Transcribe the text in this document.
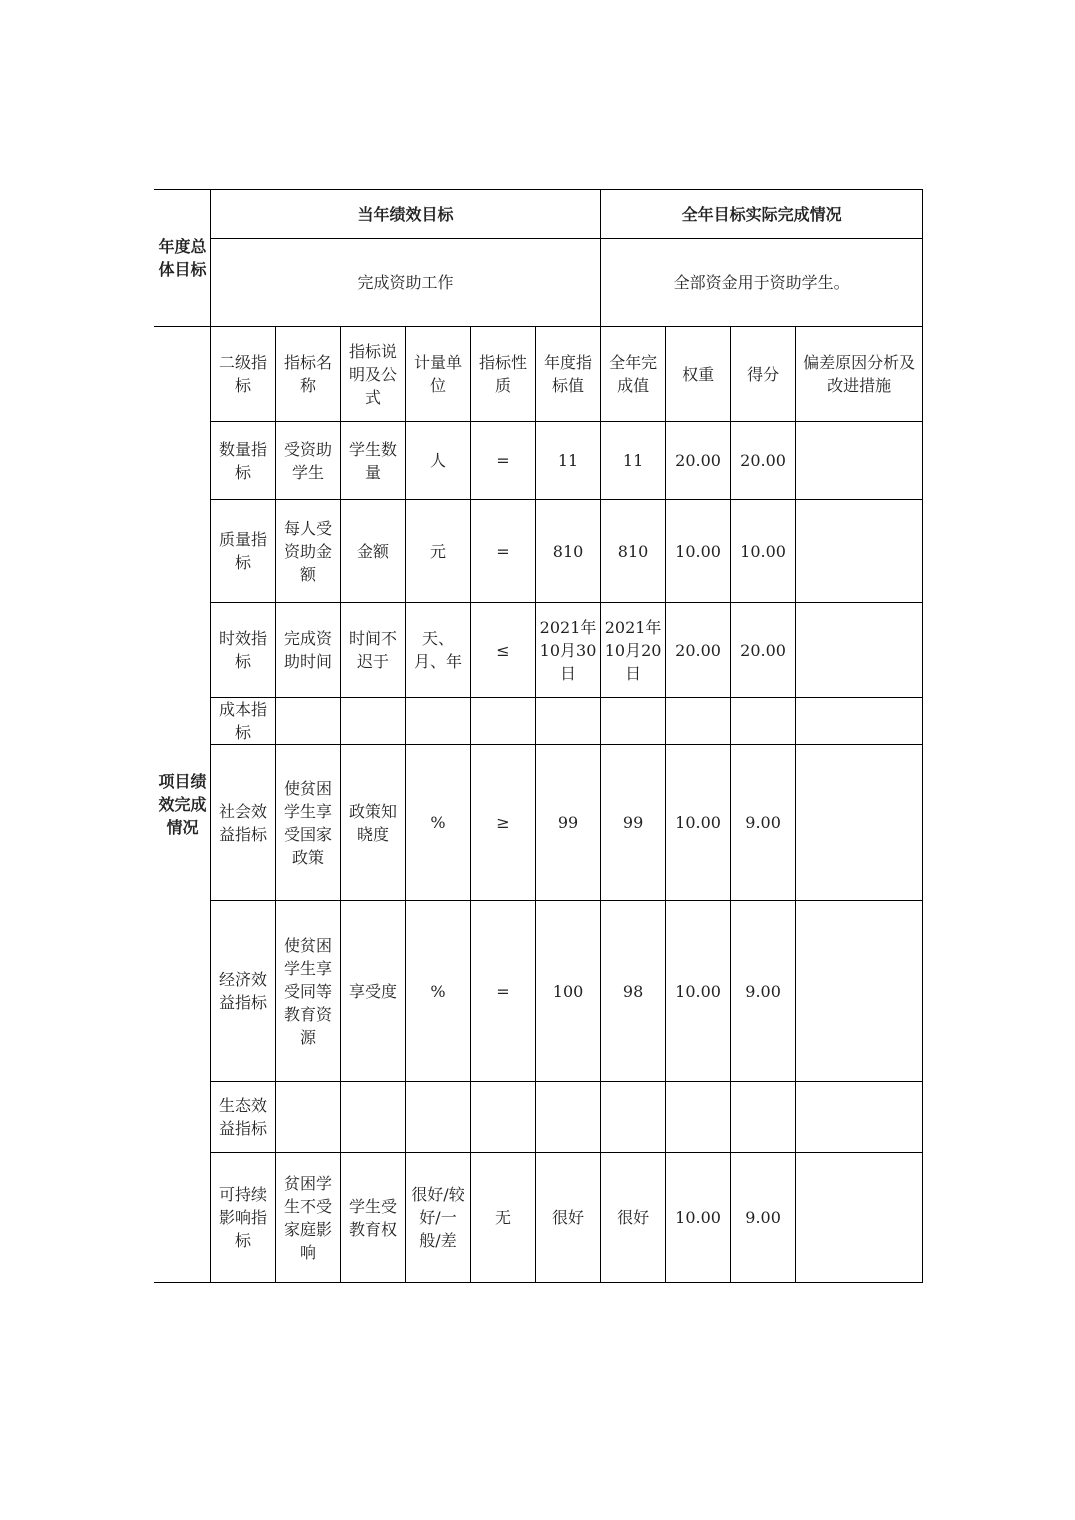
年度总体目标	当年绩效目标						全年目标实际完成情况			
	完成资助工作						全部资金用于资助学生。			
项目绩效完成情况	二级指标	指标名称	指标说明及公式	计量单位	指标性质	年度指标值	全年完成值	权重	得分	偏差原因分析及改进措施
	数量指标	受资助学生	学生数量	人	=	11	11	20.00	20.00	
	质量指标	每人受资助金额	金额	元	=	810	810	10.00	10.00	
	时效指标	完成资助时间	时间不迟于	天、月、年	≤	2021年10月30日	2021年10月20日	20.00	20.00	
	成本指标									
	社会效益指标	使贫困学生享受国家政策	政策知晓度	%	≥	99	99	10.00	9.00	
	经济效益指标	使贫困学生享受同等教育资源	享受度	%	=	100	98	10.00	9.00	
	生态效益指标									
	可持续影响指标	贫困学生不受家庭影响	学生受教育权	很好/较好/一般/差	无	很好	很好	10.00	9.00	
